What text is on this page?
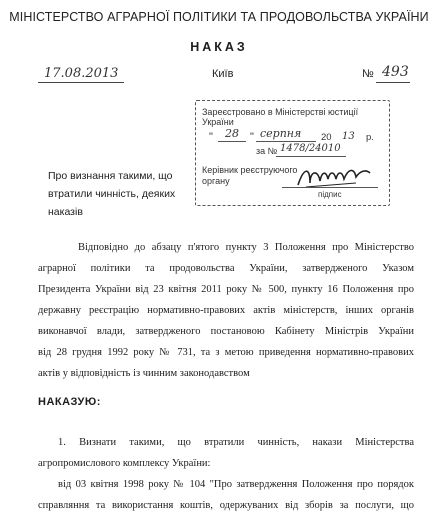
МІНІСТЕРСТВО АГРАРНОЇ ПОЛІТИКИ ТА ПРОДОВОЛЬСТВА УКРАЇНИ
НАКАЗ
17.08.2013	Київ	№ 493
Зареєстровано в Міністерстві юстиції України
" 28 " серпня 20 13 р.
за № 1478/24010
Керівник реєструючого
органу
підпис
Про визнання такими, що
втратили чинність, деяких
наказів
Відповідно до абзацу п'ятого пункту 3 Положення про Міністерство
аграрної політики та продовольства України, затвердженого Указом
Президента України від 23 квітня 2011 року № 500, пункту 16 Положення про
державну реєстрацію нормативно-правових актів міністерств, інших органів
виконавчої влади, затвердженого постановою Кабінету Міністрів України
від 28 грудня 1992 року № 731, та з метою приведення нормативно-правових
актів у відповідність із чинним законодавством
НАКАЗУЮ:
1. Визнати такими, що втратили чинність, накази Міністерства
агропромислового комплексу України:
від 03 квітня 1998 року № 104 "Про затвердження Положення про порядок
справляння та використання коштів, одержуваних від зборів за послуги, що
